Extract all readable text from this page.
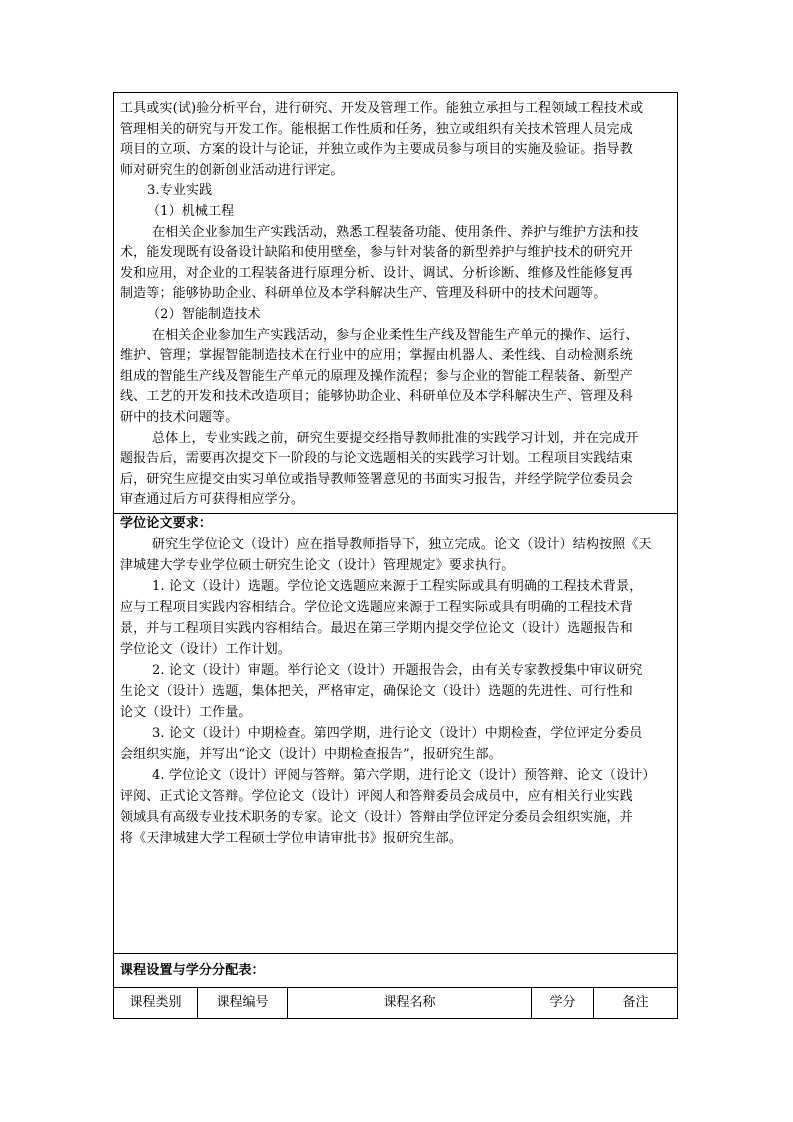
工具或实(试)验分析平台，进行研究、开发及管理工作。能独立承担与工程领域工程技术或
管理相关的研究与开发工作。能根据工作性质和任务，独立或组织有关技术管理人员完成
项目的立项、方案的设计与论证，并独立或作为主要成员参与项目的实施及验证。指导教
师对研究生的创新创业活动进行评定。
3.专业实践
（1）机械工程
在相关企业参加生产实践活动，熟悉工程装备功能、使用条件、养护与维护方法和技
术，能发现既有设备设计缺陷和使用壁垒，参与针对装备的新型养护与维护技术的研究开
发和应用，对企业的工程装备进行原理分析、设计、调试、分析诊断、维修及性能修复再
制造等；能够协助企业、科研单位及本学科解决生产、管理及科研中的技术问题等。
（2）智能制造技术
在相关企业参加生产实践活动，参与企业柔性生产线及智能生产单元的操作、运行、
维护、管理；掌握智能制造技术在行业中的应用；掌握由机器人、柔性线、自动检测系统
组成的智能生产线及智能生产单元的原理及操作流程；参与企业的智能工程装备、新型产
线、工艺的开发和技术改造项目；能够协助企业、科研单位及本学科解决生产、管理及科
研中的技术问题等。
总体上，专业实践之前，研究生要提交经指导教师批准的实践学习计划，并在完成开
题报告后，需要再次提交下一阶段的与论文选题相关的实践学习计划。工程项目实践结束
后，研究生应提交由实习单位或指导教师签署意见的书面实习报告，并经学院学位委员会
审查通过后方可获得相应学分。
学位论文要求：
研究生学位论文（设计）应在指导教师指导下，独立完成。论文（设计）结构按照《天
津城建大学专业学位硕士研究生论文（设计）管理规定》要求执行。
1. 论文（设计）选题。学位论文选题应来源于工程实际或具有明确的工程技术背景，
应与工程项目实践内容相结合。学位论文选题应来源于工程实际或具有明确的工程技术背
景，并与工程项目实践内容相结合。最迟在第三学期内提交学位论文（设计）选题报告和
学位论文（设计）工作计划。
2. 论文（设计）审题。举行论文（设计）开题报告会，由有关专家教授集中审议研究
生论文（设计）选题，集体把关，严格审定，确保论文（设计）选题的先进性、可行性和
论文（设计）工作量。
3. 论文（设计）中期检查。第四学期，进行论文（设计）中期检查，学位评定分委员
会组织实施，并写出“论文（设计）中期检查报告”，报研究生部。
4. 学位论文（设计）评阅与答辩。第六学期，进行论文（设计）预答辩、论文（设计）
评阅、正式论文答辩。学位论文（设计）评阅人和答辩委员会成员中，应有相关行业实践
领域具有高级专业技术职务的专家。论文（设计）答辩由学位评定分委员会组织实施，并
将《天津城建大学工程硕士学位申请审批书》报研究生部。
课程设置与学分分配表：
课程类别	课程编号	课程名称	学分	备注
